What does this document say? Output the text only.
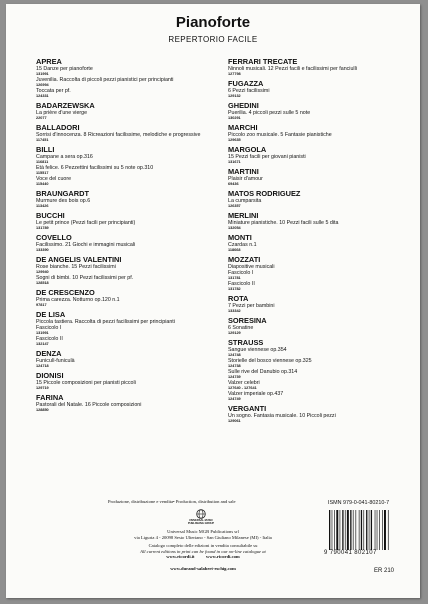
Pianoforte
REPERTORIO FACILE
APREA
15 Danze per pianoforte
131991
Juvenilia. Raccolta di piccoli pezzi pianistici per principianti
126994
Toccata per pf.
124331
BADARZEWSKA
La prière d'une vierge
22077
BALLADORI
Sorrisi d'innocenza. 8 Ricreazioni facilissime, melodiche e progressive
117451
BILLI
Campane a sera op.316
116811
Età felice. 6 Pezzettini facilissimi su 5 note op.310
115517
Voce del cuore
115440
BRAUNGARDT
Murmure des bois op.6
113426
BUCCHI
Le petit prince (Pezzi facili per principianti)
131789
COVELLO
Facilissimo. 21 Giochi e immagini musicali
133390
DE ANGELIS VALENTINI
Rose bianche. 15 Pezzi facilissimi
129940
Sogni di bimbi. 10 Pezzi facilissimi per pf.
128518
DE CRESCENZO
Prima carezza. Notturno op.120 n.1
97817
DE LISA
Piccola tastiera. Raccolta di pezzi facilissimi per principianti
Fascicolo I
131991
Fascicolo II
132147
DENZA
Funiculì-funiculà
124718
DIONISI
15 Piccole composizioni per pianisti piccoli
129719
FARINA
Pastorali del Natale. 16 Piccole composizioni
128850
FERRARI TRECATE
Ninnoli musicali. 12 Pezzi facili e facilissimi per fanciulli
127798
FUGAZZA
6 Pezzi facilissimi
129132
GHEDINI
Puerilia. 4 piccoli pezzi sulle 5 note
130291
MARCHI
Piccolo zoo musicale. 5 Fantasie pianistiche
129635
MARGOLA
15 Pezzi facili per giovani pianisti
131671
MARTINI
Plaisir d'amour
69436
MATOS RODRIGUEZ
La cumparsita
126357
MERLINI
Miniature pianistiche. 10 Pezzi facili sulle 5 dita
132054
MONTI
Czardas n.1
118668
MOZZATI
Diapositive musicali
Fascicolo I
131781
Fascicolo II
131782
ROTA
7 Pezzi per bambini
133342
SORESINA
6 Sonatine
129129
STRAUSS
Sangue viennese op.354
124748
Storielle del bosco viennese op.325
124738
Sulle rive del Danubio op.314
124739
Valzer celebri
127640 - 127641
Valzer imperiale op.437
124749
VERGANTI
Un sogno. Fantasia musicale. 10 Piccoli pezzi
129061
Produzione, distribuzione e vendita• Production, distribution and sale
UNIVERSAL MUSIC PUBLISHING GROUP
Universal Music MGB Publications srl
via Liguria 4 - 20098 Sesto Ulteriano - San Giuliano Milanese (MI) - Italia
Catalogo completo delle edizioni in vendita consultabile su
All current editions in print can be found in our on-line catalogue at
www.ricordi.it          www.ricordi.com
www.durand-salabert-eschig.com
ISMN 979-0-041-80210-7
9 790041 802107
ER 210
